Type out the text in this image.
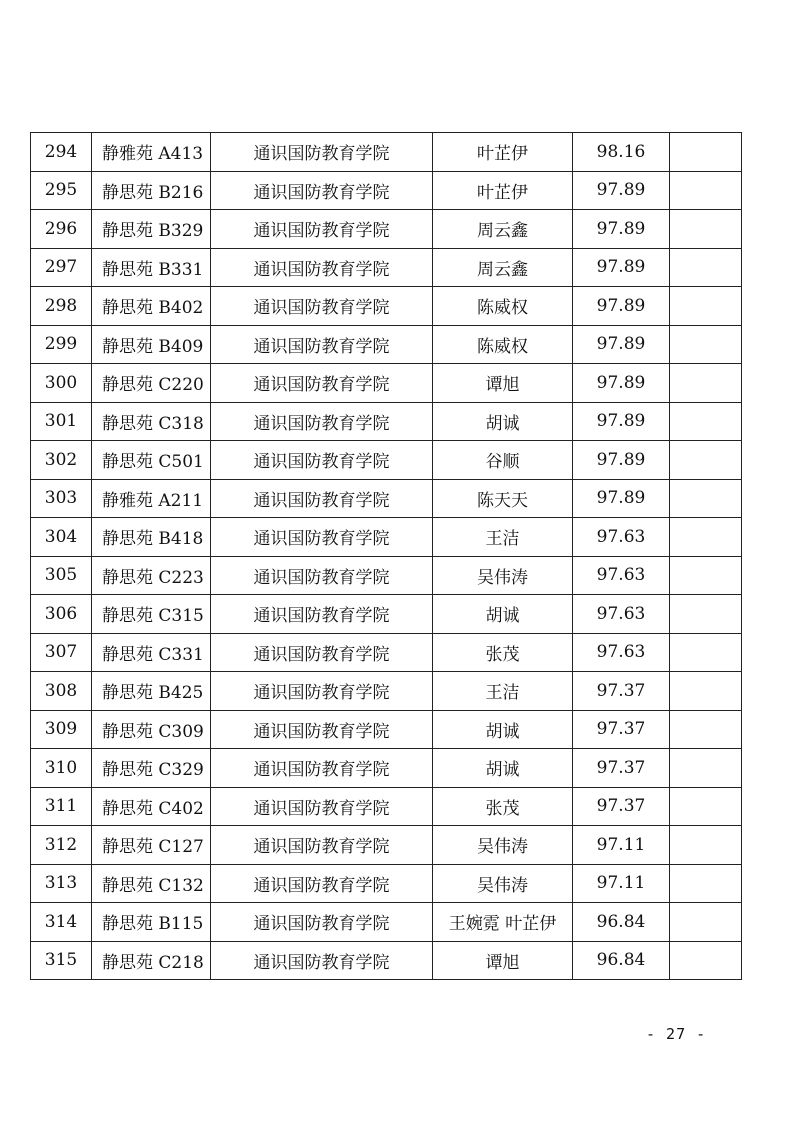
294	静雅苑 A413	通识国防教育学院	叶芷伊	98.16	
295	静思苑 B216	通识国防教育学院	叶芷伊	97.89	
296	静思苑 B329	通识国防教育学院	周云鑫	97.89	
297	静思苑 B331	通识国防教育学院	周云鑫	97.89	
298	静思苑 B402	通识国防教育学院	陈威权	97.89	
299	静思苑 B409	通识国防教育学院	陈威权	97.89	
300	静思苑 C220	通识国防教育学院	谭旭	97.89	
301	静思苑 C318	通识国防教育学院	胡诚	97.89	
302	静思苑 C501	通识国防教育学院	谷顺	97.89	
303	静雅苑 A211	通识国防教育学院	陈天天	97.89	
304	静思苑 B418	通识国防教育学院	王洁	97.63	
305	静思苑 C223	通识国防教育学院	吴伟涛	97.63	
306	静思苑 C315	通识国防教育学院	胡诚	97.63	
307	静思苑 C331	通识国防教育学院	张茂	97.63	
308	静思苑 B425	通识国防教育学院	王洁	97.37	
309	静思苑 C309	通识国防教育学院	胡诚	97.37	
310	静思苑 C329	通识国防教育学院	胡诚	97.37	
311	静思苑 C402	通识国防教育学院	张茂	97.37	
312	静思苑 C127	通识国防教育学院	吴伟涛	97.11	
313	静思苑 C132	通识国防教育学院	吴伟涛	97.11	
314	静思苑 B115	通识国防教育学院	王婉霓 叶芷伊	96.84	
315	静思苑 C218	通识国防教育学院	谭旭	96.84	
- 27 -
